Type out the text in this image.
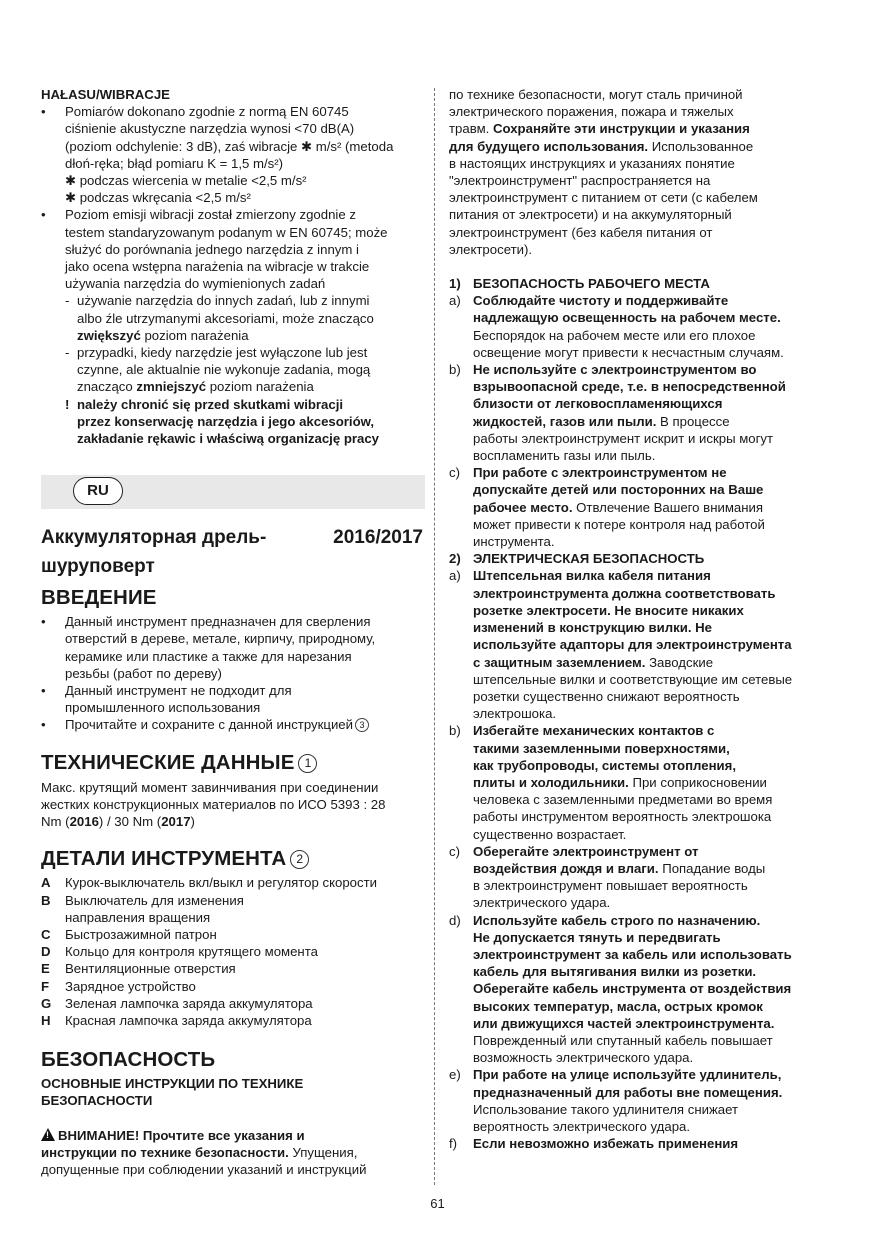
HAŁASU/WIBRACJE

• Pomiarów dokonano zgodnie z normą EN 60745

ciśnienie akustyczne narzędzia wynosi <70 dB(A)

(poziom odchylenie: 3 dB), zaś wibracje ✱ m/s² (metoda

dłoń-ręka; błąd pomiaru K = 1,5 m/s²)

✱ podczas wiercenia w metalie <2,5 m/s²

✱ podczas wkręcania <2,5 m/s²

• Poziom emisji wibracji został zmierzony zgodnie z

testem standaryzowanym podanym w EN 60745; może

służyć do porównania jednego narzędzia z innym i

jako ocena wstępna narażenia na wibracje w trakcie

używania narzędzia do wymienionych zadań

- używanie narzędzia do innych zadań, lub z innymi

albo źle utrzymanymi akcesoriami, może znacząco

zwiększyć poziom narażenia

- przypadki, kiedy narzędzie jest wyłączone lub jest

czynne, ale aktualnie nie wykonuje zadania, mogą

znacząco zmniejszyć poziom narażenia

! należy chronić się przed skutkami wibracji

przez konserwację narzędzia i jego akcesoriów,

zakładanie rękawic i właściwą organizację pracy

RU
Аккумуляторная дрель-
шуруповерт
2016/2017
ВВЕДЕНИЕ

• Данный инструмент предназначен для сверления

отверстий в дереве, метале, кирпичу, природному,

керамике или пластике а также для нарезания

резьбы (работ по дереву)

• Данный инструмент не подходит для

промышленного использования

• Прочитайте и сохраните с данной инструкцией 3

ТЕХНИЧЕСКИЕ ДАННЫЕ 1

Макс. крутящий момент завинчивания при соединении

жестких конструкционных материалов по ИСО 5393 : 28

Nm (2016) / 30 Nm (2017)

ДЕТАЛИ ИНСТРУМЕНТА 2
A	Курок-выключатель вкл/выкл и регулятор скорости
B	Выключатель для изменения
направления вращения
C	Быстрозажимной патрон
D	Кольцо для контроля крутящего момента
E	Вентиляционные отверстия
F	Зарядное устройство
G	Зеленая лампочка заряда аккумулятора
H	Красная лампочка заряда аккумулятора
БЕЗОПАСНОСТЬ

ОСНОВНЫЕ ИНСТРУКЦИИ ПО ТЕХНИКЕ

БЕЗОПАСНОСТИ

! ВНИМАНИЕ! Прочтите все указания и

инструкции по технике безопасности. Упущения,

допущенные при соблюдении указаний и инструкций

по технике безопасности, могут сталь причиной

электрического поражения, пожара и тяжелых

травм. Сохраняйте эти инструкции и указания

для будущего использования. Использованное

в настоящих инструкциях и указаниях понятие

"электроинструмент" распространяется на

электроинструмент с питанием от сети (с кабелем

питания от электросети) и на аккумуляторный

электроинструмент (без кабеля питания от

электросети).

1) БЕЗОПАСНОСТЬ РАБОЧЕГО МЕСТА
a) Соблюдайте чистоту и поддерживайте

надлежащую освещенность на рабочем месте.

Беспорядок на рабочем месте или его плохое

освещение могут привести к несчастным случаям.

b) Не используйте с электроинструментом во

взрывоопасной среде, т.е. в непосредственной

близости от легковоспламеняющихся

жидкостей, газов или пыли. В процессе

работы электроинструмент искрит и искры могут

воспламенить газы или пыль.

c) При работе с электроинструментом не

допускайте детей или посторонних на Ваше

рабочее место. Отвлечение Вашего внимания

может привести к потере контроля над работой

инструмента.

2) ЭЛЕКТРИЧЕСКАЯ БЕЗОПАСНОСТЬ
a) Штепсельная вилка кабеля питания

электроинструмента должна соответствовать

розетке электросети. Не вносите никаких

изменений в конструкцию вилки. Не

используйте адапторы для электроинструмента

с защитным заземлением. Заводские

штепсельные вилки и соответствующие им сетевые

розетки существенно снижают вероятность

электрошока.

b) Избегайте механических контактов с

такими заземленными поверхностями,

как трубопроводы, системы отопления,

плиты и холодильники. При соприкосновении

человека с заземленными предметами во время

работы инструментом вероятность электрошока

существенно возрастает.

c) Оберегайте электроинструмент от

воздействия дождя и влаги. Попадание воды

в электроинструмент повышает вероятность

электрического удара.

d) Используйте кабель строго по назначению.

Не допускается тянуть и передвигать

электроинструмент за кабель или использовать

кабель для вытягивания вилки из розетки.

Оберегайте кабель инструмента от воздействия

высоких температур, масла, острых кромок

или движущихся частей электроинструмента.

Поврежденный или спутанный кабель повышает

возможность электрического удара.

e) При работе на улице используйте удлинитель,

предназначенный для работы вне помещения.

Использование такого удлинителя снижает

вероятность электрического удара.

f)	Если невозможно избежать применения

61
